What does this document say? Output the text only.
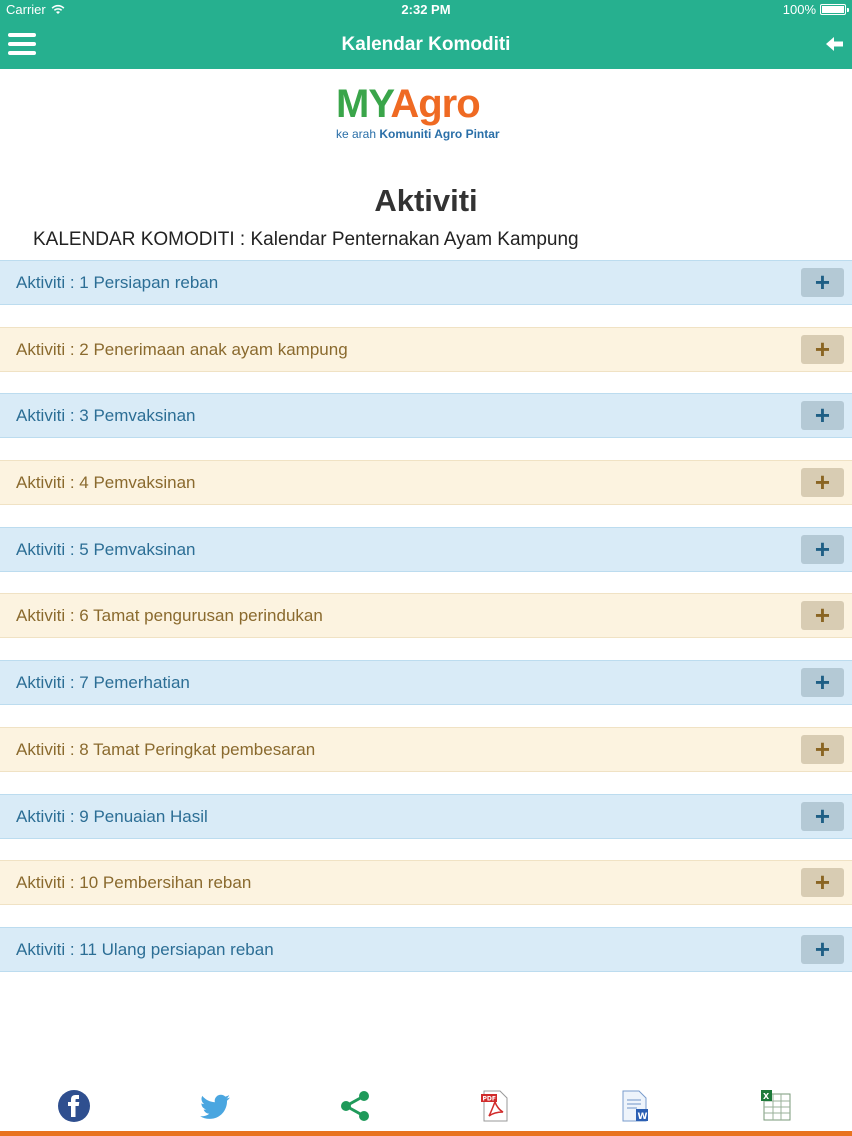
Carrier	2:32 PM	100%
Kalendar Komoditi
MYAgro
ke arah Komuniti Agro Pintar
Aktiviti
KALENDAR KOMODITI : Kalendar Penternakan Ayam Kampung
Aktiviti : 1 Persiapan reban	+
Aktiviti : 2 Penerimaan anak ayam kampung	+
Aktiviti : 3 Pemvaksinan	+
Aktiviti : 4 Pemvaksinan	+
Aktiviti : 5 Pemvaksinan	+
Aktiviti : 6 Tamat pengurusan perindukan	+
Aktiviti : 7 Pemerhatian	+
Aktiviti : 8 Tamat Peringkat pembesaran	+
Aktiviti : 9 Penuaian Hasil	+
Aktiviti : 10 Pembersihan reban	+
Aktiviti : 11 Ulang persiapan reban	+
PDF
W
X
